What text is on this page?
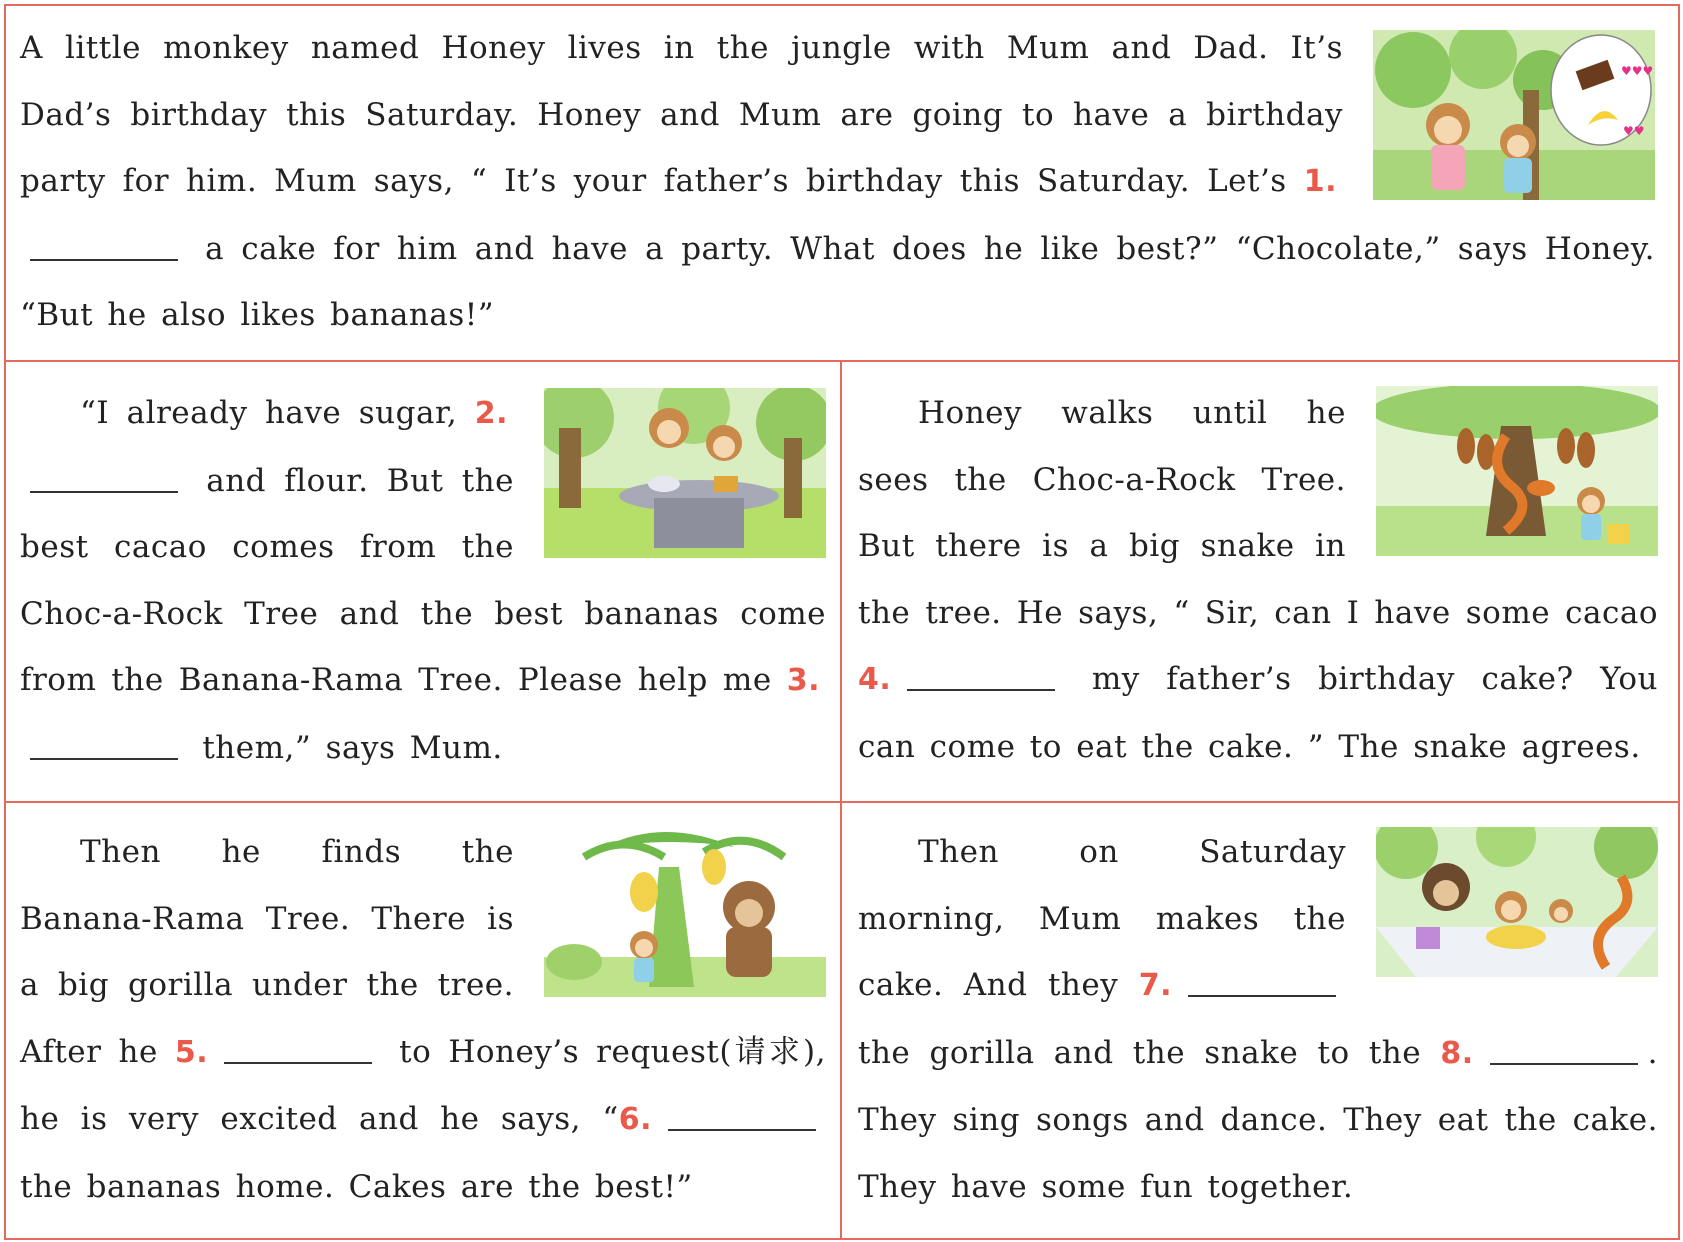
♥♥♥
♥♥

A little monkey named Honey lives in the jungle with Mum and Dad. It’s Dad’s birthday this Saturday. Honey and Mum are going to have a birthday party for him. Mum says, “ It’s your father’s birthday this Saturday. Let’s 1. a cake for him and have a party. What does he like best?” “Chocolate,” says Honey. “But he also likes bananas!”

“I already have sugar, 2. and flour. But the best cacao comes from the Choc-a-Rock Tree and the best bananas come from the Banana-Rama Tree. Please help me 3. them,” says Mum.

Honey walks until he sees the Choc-a-Rock Tree. But there is a big snake in the tree. He says, “ Sir, can I have some cacao 4.	my father’s birthday cake? You can come to eat the cake. ” The snake agrees.

Then he finds the Banana-Rama Tree. There is a big gorilla under the tree. After he 5.	to Honey’s request(请求), he is very excited and he says, “6. the bananas home. Cakes are the best!”

Then on Saturday morning, Mum makes the cake. And they 7. the gorilla and the snake to the 8.	. They sing songs and dance. They eat the cake. They have some fun together.
